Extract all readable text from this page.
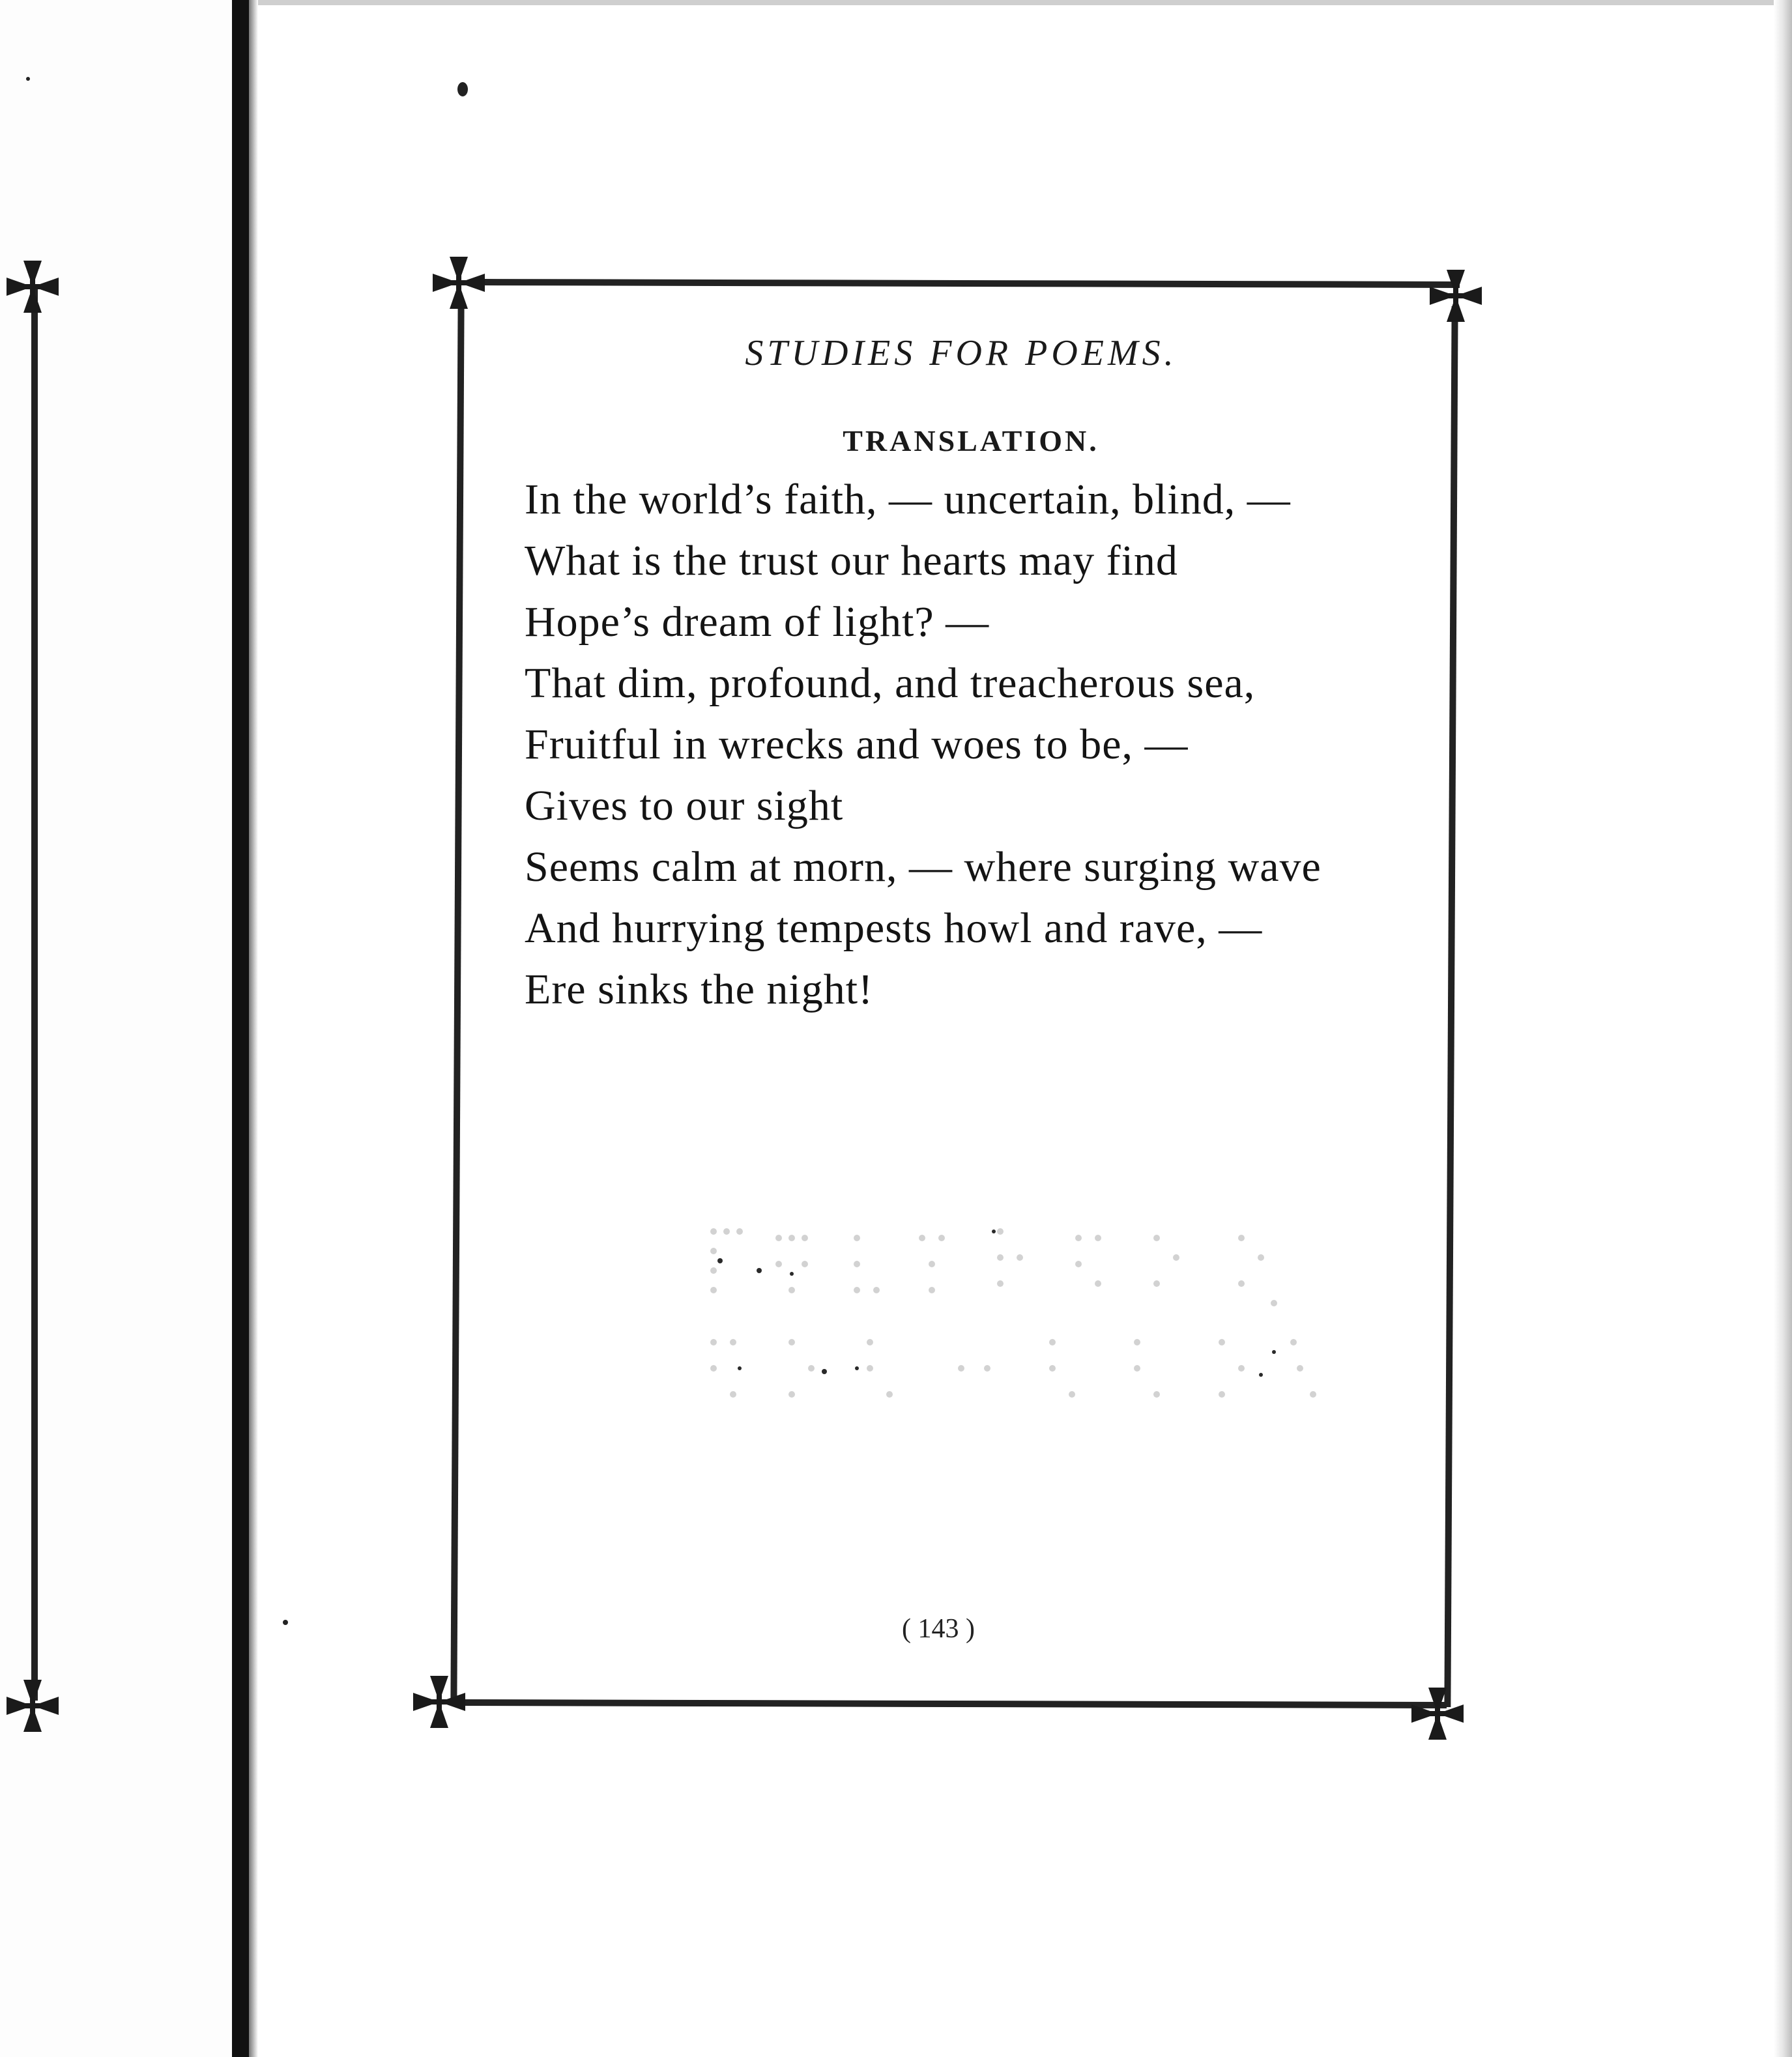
STUDIES FOR POEMS.
TRANSLATION.
In the world’s faith, — uncertain, blind, —
What is the trust our hearts may find
Hope’s dream of light? —
That dim, profound, and treacherous sea,
Fruitful in wrecks and woes to be, —
Gives to our sight
Seems calm at morn, — where surging wave
And hurrying tempests howl and rave, —
Ere sinks the night!
( 143 )
